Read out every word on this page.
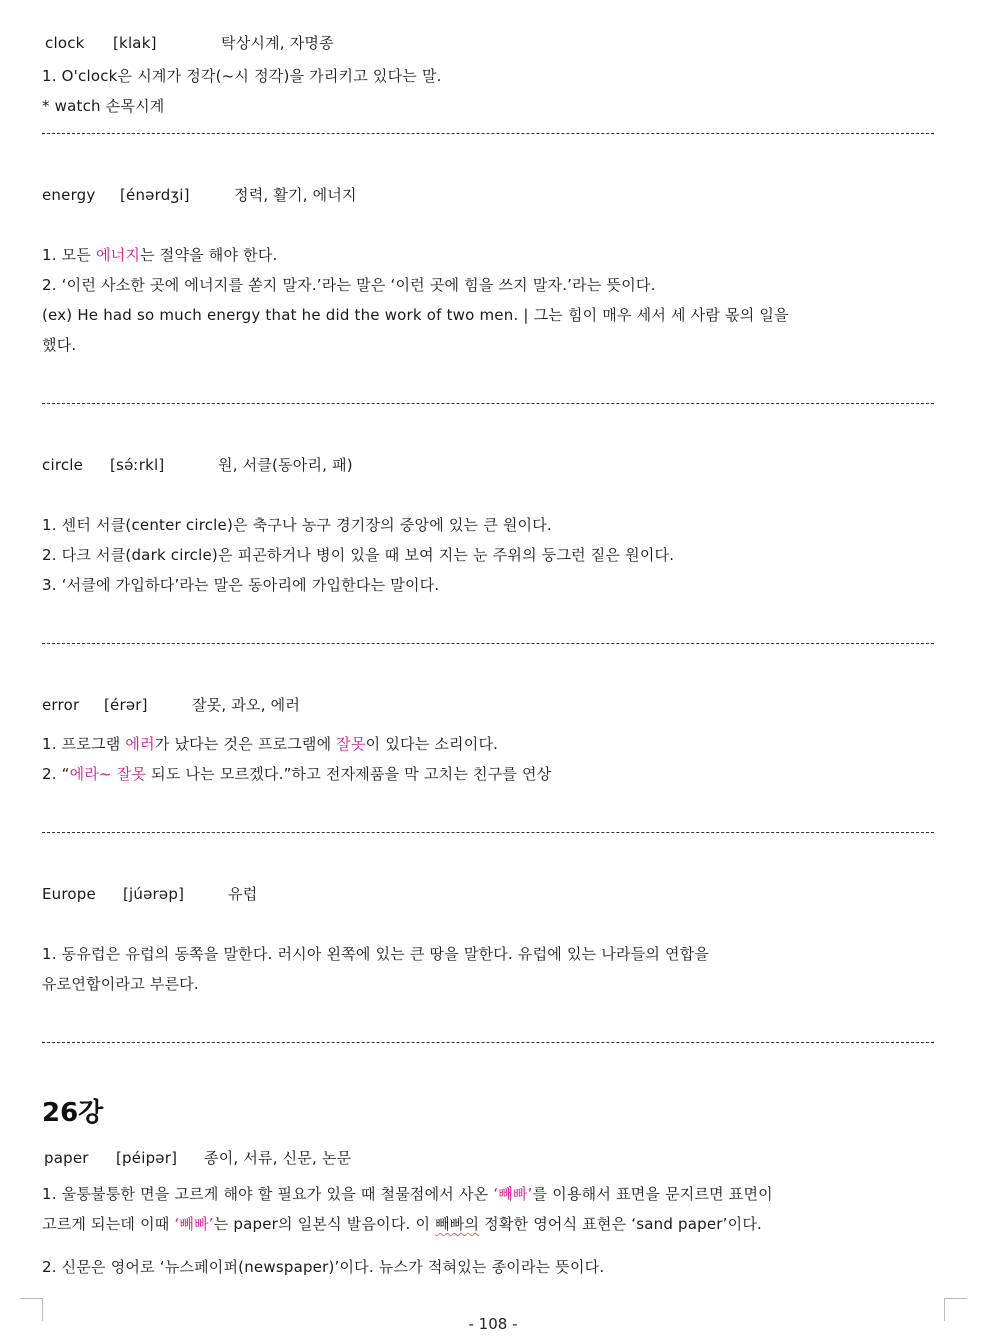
clock [klak]	탁상시계, 자명종
1. O'clock은 시계가 정각(~시 정각)을 가리키고 있다는 말.
* watch 손목시계
energy [énərdʒi]	정력, 활기, 에너지
1. 모든 에너지는 절약을 해야 한다.
2. ‘이런 사소한 곳에 에너지를 쏟지 말자.’라는 말은 ‘이런 곳에 힘을 쓰지 말자.’라는 뜻이다.
(ex) He had so much energy that he did the work of two men. | 그는 힘이 매우 세서 세 사람 몫의 일을
했다.
circle [sə́ːrkl]	원, 서클(동아리, 패)
1. 센터 서클(center circle)은 축구나 농구 경기장의 중앙에 있는 큰 원이다.
2. 다크 서클(dark circle)은 피곤하거나 병이 있을 때 보여 지는 눈 주위의 둥그런 짙은 원이다.
3. ‘서클에 가입하다’라는 말은 동아리에 가입한다는 말이다.
error [érər]	잘못, 과오, 에러
1. 프로그램 에러가 났다는 것은 프로그램에 잘못이 있다는 소리이다.
2. “에라~ 잘못 되도 나는 모르겠다.”하고 전자제품을 막 고치는 친구를 연상
Europe [júərəp]	유럽
1. 동유럽은 유럽의 동쪽을 말한다. 러시아 왼쪽에 있는 큰 땅을 말한다. 유럽에 있는 나라들의 연합을
유로연합이라고 부른다.
26강
paper [péipər] 종이, 서류, 신문, 논문
1. 울퉁불퉁한 면을 고르게 해야 할 필요가 있을 때 철물점에서 사온 ‘빼빠’를 이용해서 표면을 문지르면 표면이
고르게 되는데 이때 ‘빼빠’는 paper의 일본식 발음이다. 이 빼빠의 정확한 영어식 표현은 ‘sand paper’이다.
2. 신문은 영어로 ‘뉴스페이퍼(newspaper)’이다. 뉴스가 적혀있는 종이라는 뜻이다.
- 108 -
